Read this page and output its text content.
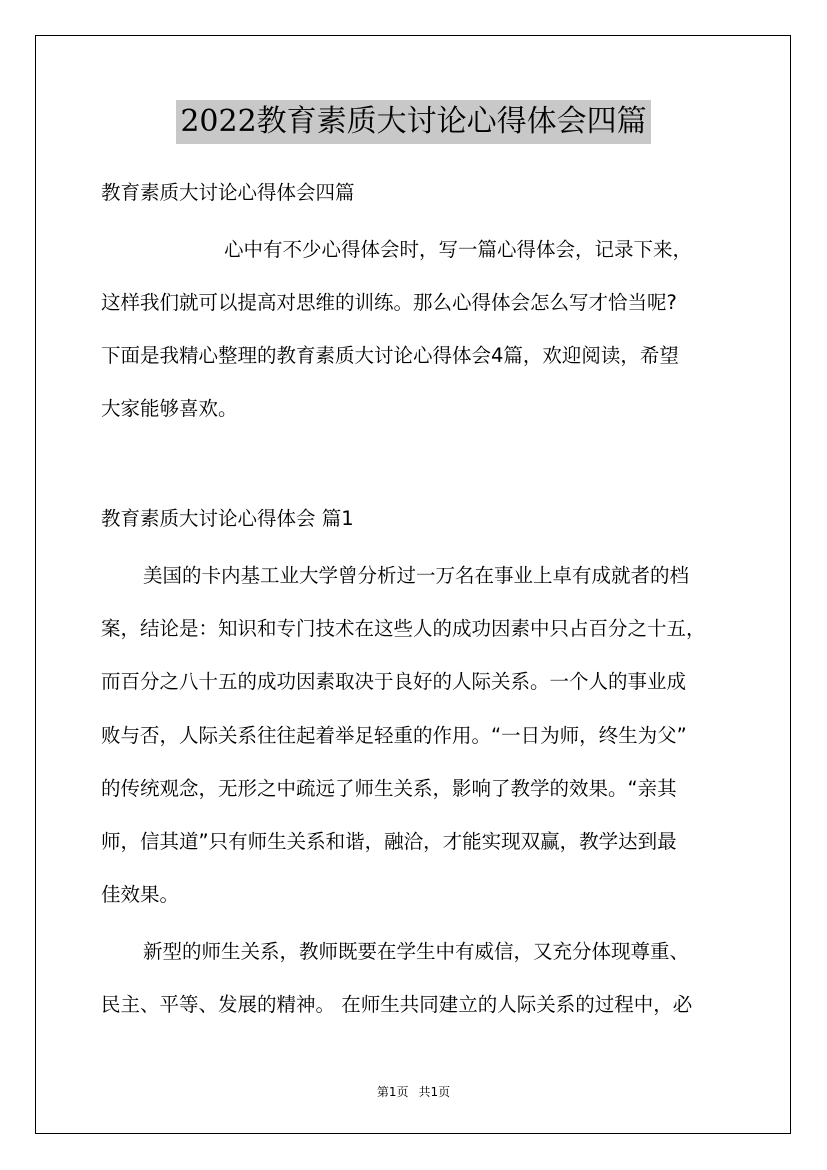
2022教育素质大讨论心得体会四篇
教育素质大讨论心得体会四篇
心中有不少心得体会时，写一篇心得体会，记录下来，
这样我们就可以提高对思维的训练。那么心得体会怎么写才恰当呢?
下面是我精心整理的教育素质大讨论心得体会4篇，欢迎阅读，希望
大家能够喜欢。
教育素质大讨论心得体会 篇1
美国的卡内基工业大学曾分析过一万名在事业上卓有成就者的档
案，结论是：知识和专门技术在这些人的成功因素中只占百分之十五，
而百分之八十五的成功因素取决于良好的人际关系。一个人的事业成
败与否，人际关系往往起着举足轻重的作用。“一日为师，终生为父”
的传统观念，无形之中疏远了师生关系，影响了教学的效果。“亲其
师，信其道”只有师生关系和谐，融洽，才能实现双赢，教学达到最
佳效果。
新型的师生关系，教师既要在学生中有威信，又充分体现尊重、
民主、平等、发展的精神。 在师生共同建立的人际关系的过程中，必
第1页 共1页
